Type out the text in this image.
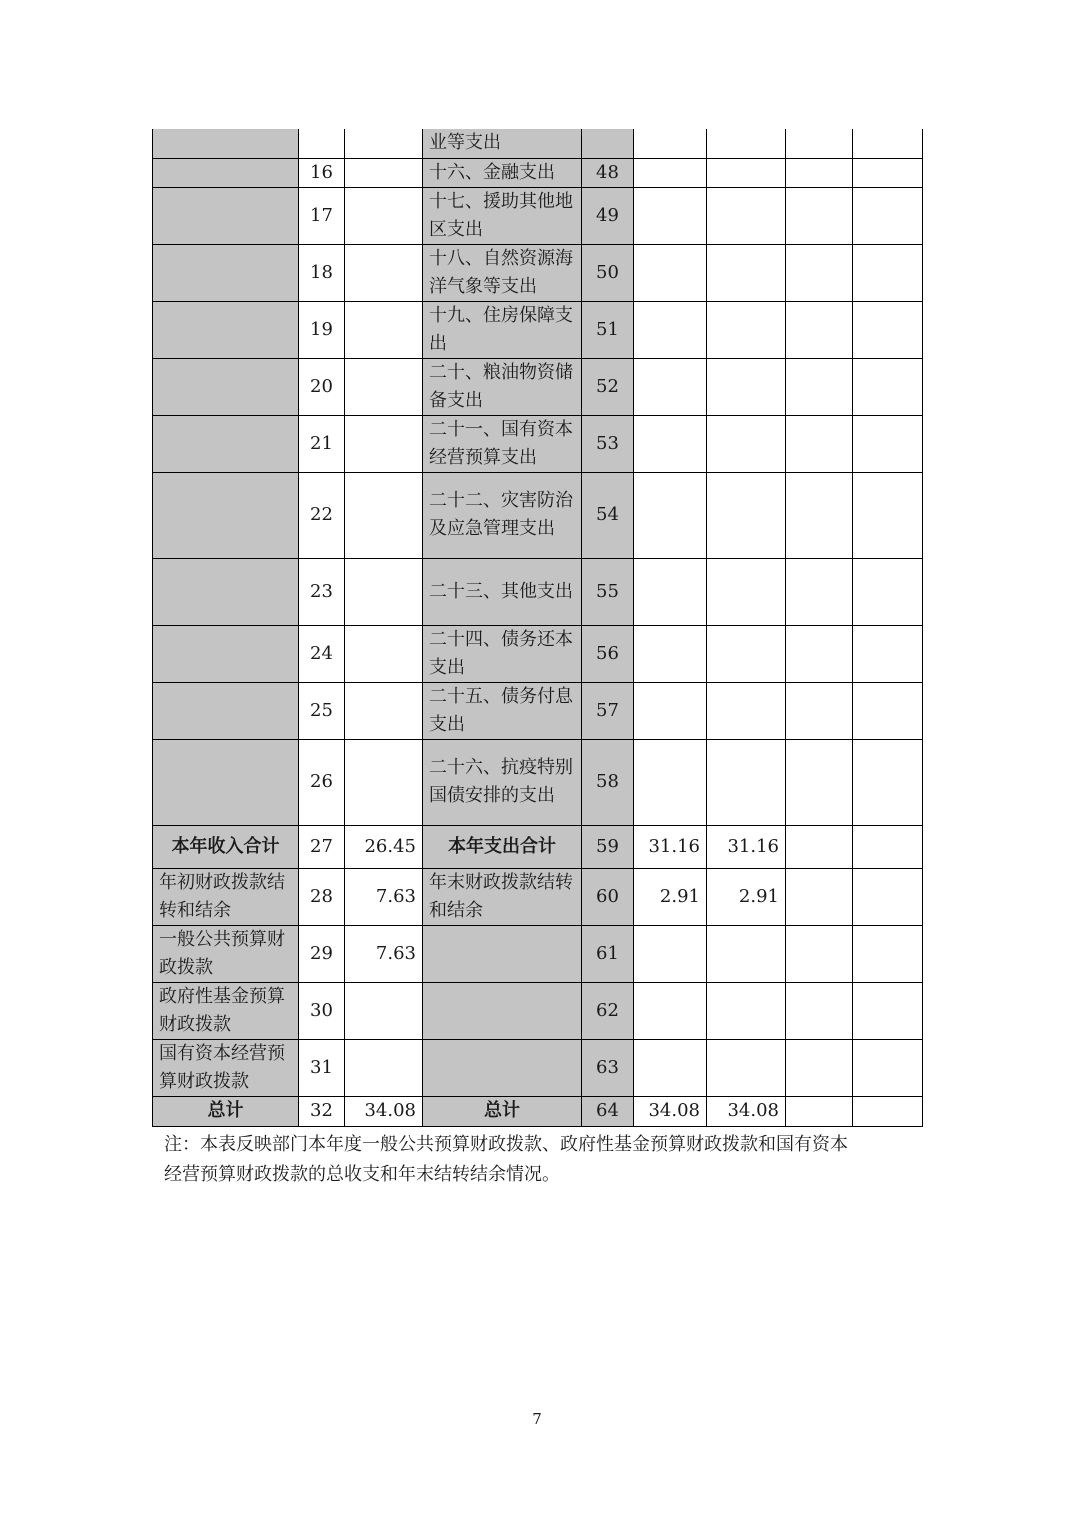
			业等支出					
	16		十六、金融支出	48				
	17		十七、援助其他地区支出	49				
	18		十八、自然资源海洋气象等支出	50				
	19		十九、住房保障支出	51				
	20		二十、粮油物资储备支出	52				
	21		二十一、国有资本经营预算支出	53				
	22		二十二、灾害防治及应急管理支出	54				
	23		二十三、其他支出	55				
	24		二十四、债务还本支出	56				
	25		二十五、债务付息支出	57				
	26		二十六、抗疫特别国债安排的支出	58				
本年收入合计	27	26.45	本年支出合计	59	31.16	31.16		
年初财政拨款结转和结余	28	7.63	年末财政拨款结转和结余	60	2.91	2.91		
一般公共预算财政拨款	29	7.63		61				
政府性基金预算财政拨款	30			62				
国有资本经营预算财政拨款	31			63				
总计	32	34.08	总计	64	34.08	34.08		

注：本表反映部门本年度一般公共预算财政拨款、政府性基金预算财政拨款和国有资本经营预算财政拨款的总收支和年末结转结余情况。

7
